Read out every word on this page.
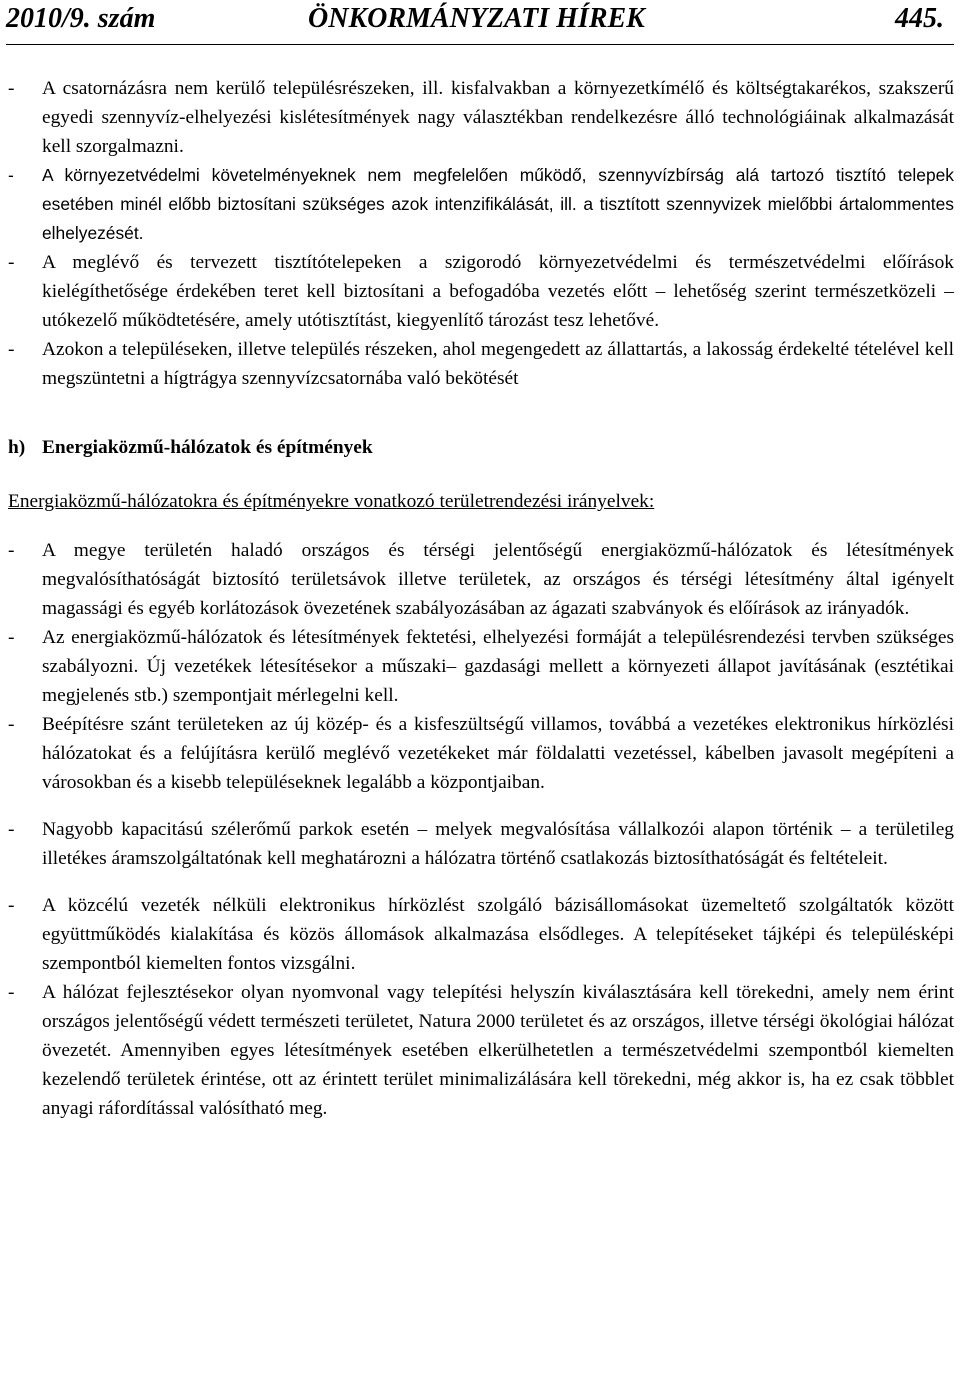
2010/9. szám	ÖNKORMÁNYZATI HÍREK	445.
- A csatornázásra nem kerülő településrészeken, ill. kisfalvakban a környezetkímélő és költségtakarékos, szakszerű egyedi szennyvíz-elhelyezési kislétesítmények nagy választékban rendelkezésre álló technológiáinak alkalmazását kell szorgalmazni.
- A környezetvédelmi követelményeknek nem megfelelően működő, szennyvízbírság alá tartozó tisztító telepek esetében minél előbb biztosítani szükséges azok intenzifikálását, ill. a tisztított szennyvizek mielőbbi ártalommentes elhelyezését.
- A meglévő és tervezett tisztítótelepeken a szigorodó környezetvédelmi és természetvédelmi előírások kielégíthetősége érdekében teret kell biztosítani a befogadóba vezetés előtt – lehetőség szerint természetközeli – utókezelő működtetésére, amely utótisztítást, kiegyenlítő tározást tesz lehetővé.
- Azokon a településeken, illetve település részeken, ahol megengedett az állattartás, a lakosság érdekelté tételével kell megszüntetni a hígtrágya szennyvízcsatornába való bekötését
h) Energiaközmű-hálózatok és építmények
Energiaközmű-hálózatokra és építményekre vonatkozó területrendezési irányelvek:
- A megye területén haladó országos és térségi jelentőségű energiaközmű-hálózatok és létesítmények megvalósíthatóságát biztosító területsávok illetve területek, az országos és térségi létesítmény által igényelt magassági és egyéb korlátozások övezetének szabályozásában az ágazati szabványok és előírások az irányadók.
- Az energiaközmű-hálózatok és létesítmények fektetési, elhelyezési formáját a településrendezési tervben szükséges szabályozni. Új vezetékek létesítésekor a műszaki– gazdasági mellett a környezeti állapot javításának (esztétikai megjelenés stb.) szempontjait mérlegelni kell.
- Beépítésre szánt területeken az új közép- és a kisfeszültségű villamos, továbbá a vezetékes elektronikus hírközlési hálózatokat és a felújításra kerülő meglévő vezetékeket már földalatti vezetéssel, kábelben javasolt megépíteni a városokban és a kisebb településeknek legalább a központjaiban.
- Nagyobb kapacitású szélerőmű parkok esetén – melyek megvalósítása vállalkozói alapon történik – a területileg illetékes áramszolgáltatónak kell meghatározni a hálózatra történő csatlakozás biztosíthatóságát és feltételeit.
- A közcélú vezeték nélküli elektronikus hírközlést szolgáló bázisállomásokat üzemeltető szolgáltatók között együttműködés kialakítása és közös állomások alkalmazása elsődleges. A telepítéseket tájképi és településképi szempontból kiemelten fontos vizsgálni.
- A hálózat fejlesztésekor olyan nyomvonal vagy telepítési helyszín kiválasztására kell törekedni, amely nem érint országos jelentőségű védett természeti területet, Natura 2000 területet és az országos, illetve térségi ökológiai hálózat övezetét. Amennyiben egyes létesítmények esetében elkerülhetetlen a természetvédelmi szempontból kiemelten kezelendő területek érintése, ott az érintett terület minimalizálására kell törekedni, még akkor is, ha ez csak többlet anyagi ráfordítással valósítható meg.
